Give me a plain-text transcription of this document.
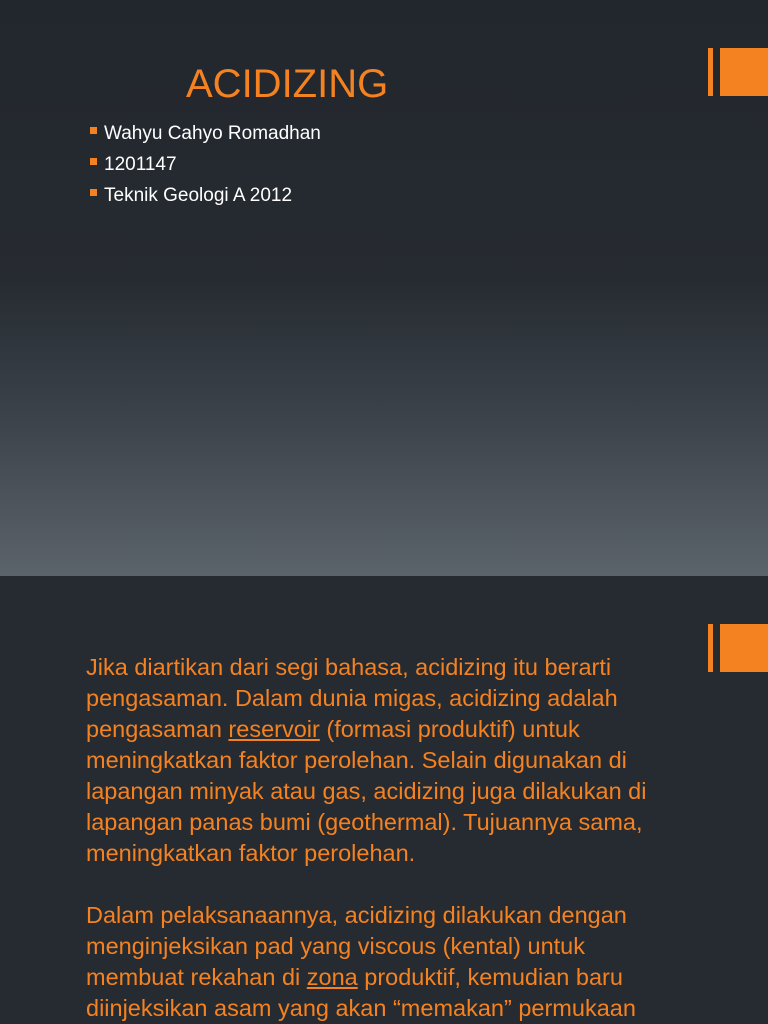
ACIDIZING
Wahyu Cahyo Romadhan
1201147
Teknik Geologi A 2012

Jika diartikan dari segi bahasa, acidizing itu berarti
pengasaman. Dalam dunia migas, acidizing adalah
pengasaman reservoir (formasi produktif) untuk
meningkatkan faktor perolehan. Selain digunakan di
lapangan minyak atau gas, acidizing juga dilakukan di
lapangan panas bumi (geothermal). Tujuannya sama,
meningkatkan faktor perolehan.

Dalam pelaksanaannya, acidizing dilakukan dengan
menginjeksikan pad yang viscous (kental) untuk
membuat rekahan di zona produktif, kemudian baru
diinjeksikan asam yang akan “memakan” permukaan
